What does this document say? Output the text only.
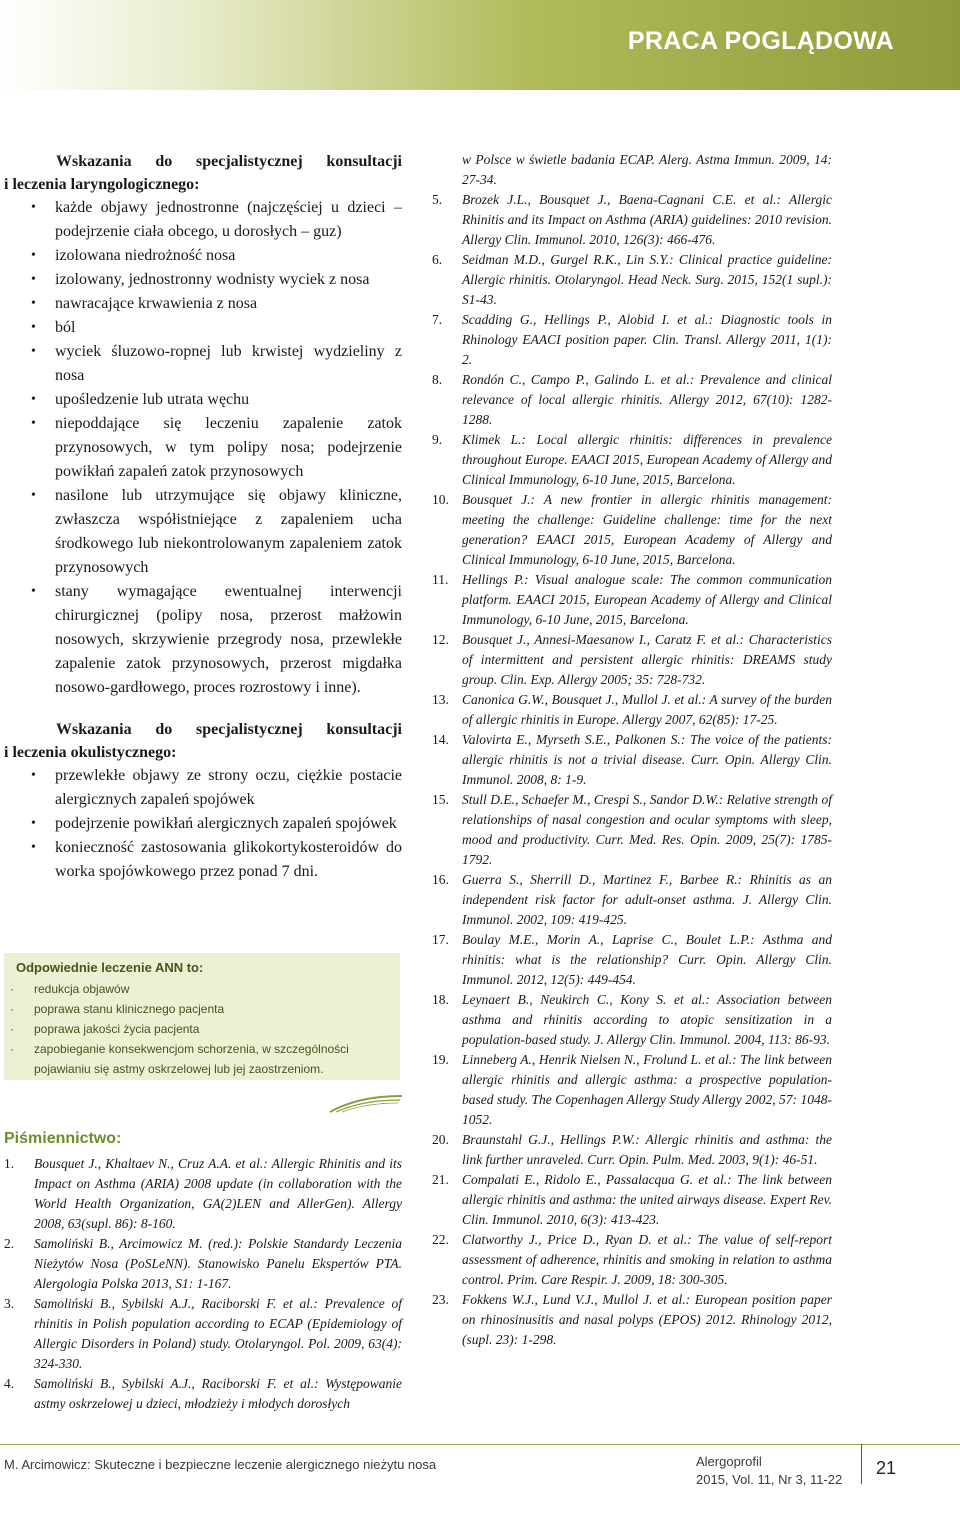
PRACA POGLĄDOWA
Wskazania do specjalistycznej konsultacji
i leczenia laryngologicznego:
• każde objawy jednostronne (najczęściej u dzieci – podejrzenie ciała obcego, u dorosłych – guz)
• izolowana niedrożność nosa
• izolowany, jednostronny wodnisty wyciek z nosa
• nawracające krwawienia z nosa
• ból
• wyciek śluzowo-ropnej lub krwistej wydzieliny z nosa
• upośledzenie lub utrata węchu
• niepoddające się leczeniu zapalenie zatok przynosowych, w tym polipy nosa; podejrzenie powikłań zapaleń zatok przynosowych
• nasilone lub utrzymujące się objawy kliniczne, zwłaszcza współistniejące z zapaleniem ucha środkowego lub niekontrolowanym zapaleniem zatok przynosowych
• stany wymagające ewentualnej interwencji chirurgicznej (polipy nosa, przerost małżowin nosowych, skrzywienie przegrody nosa, przewlekłe zapalenie zatok przynosowych, przerost migdałka nosowo-gardłowego, proces rozrostowy i inne).
Wskazania do specjalistycznej konsultacji
i leczenia okulistycznego:
• przewlekłe objawy ze strony oczu, ciężkie postacie alergicznych zapaleń spojówek
• podejrzenie powikłań alergicznych zapaleń spojówek
• konieczność zastosowania glikokortykosteroidów do worka spojówkowego przez ponad 7 dni.
Odpowiednie leczenie ANN to:
· redukcja objawów
· poprawa stanu klinicznego pacjenta
· poprawa jakości życia pacjenta
· zapobieganie konsekwencjom schorzenia, w szczególności pojawianiu się astmy oskrzelowej lub jej zaostrzeniom.
Piśmiennictwo:
1. Bousquet J., Khaltaev N., Cruz A.A. et al.: Allergic Rhinitis and its Impact on Asthma (ARIA) 2008 update (in collaboration with the World Health Organization, GA(2)LEN and AllerGen). Allergy 2008, 63(supl. 86): 8-160.
2. Samoliński B., Arcimowicz M. (red.): Polskie Standardy Leczenia Nieżytów Nosa (PoSLeNN). Stanowisko Panelu Ekspertów PTA. Alergologia Polska 2013, S1: 1-167.
3. Samoliński B., Sybilski A.J., Raciborski F. et al.: Prevalence of rhinitis in Polish population according to ECAP (Epidemiology of Allergic Disorders in Poland) study. Otolaryngol. Pol. 2009, 63(4): 324-330.
4. Samoliński B., Sybilski A.J., Raciborski F. et al.: Występowanie astmy oskrzelowej u dzieci, młodzieży i młodych dorosłych
w Polsce w świetle badania ECAP. Alerg. Astma Immun. 2009, 14: 27-34.
5. Brozek J.L., Bousquet J., Baena-Cagnani C.E. et al.: Allergic Rhinitis and its Impact on Asthma (ARIA) guidelines: 2010 revision. Allergy Clin. Immunol. 2010, 126(3): 466-476.
6. Seidman M.D., Gurgel R.K., Lin S.Y.: Clinical practice guideline: Allergic rhinitis. Otolaryngol. Head Neck. Surg. 2015, 152(1 supl.): S1-43.
7. Scadding G., Hellings P., Alobid I. et al.: Diagnostic tools in Rhinology EAACI position paper. Clin. Transl. Allergy 2011, 1(1): 2.
8. Rondón C., Campo P., Galindo L. et al.: Prevalence and clinical relevance of local allergic rhinitis. Allergy 2012, 67(10): 1282-1288.
9. Klimek L.: Local allergic rhinitis: differences in prevalence throughout Europe. EAACI 2015, European Academy of Allergy and Clinical Immunology, 6-10 June, 2015, Barcelona.
10. Bousquet J.: A new frontier in allergic rhinitis management: meeting the challenge: Guideline challenge: time for the next generation? EAACI 2015, European Academy of Allergy and Clinical Immunology, 6-10 June, 2015, Barcelona.
11. Hellings P.: Visual analogue scale: The common communication platform. EAACI 2015, European Academy of Allergy and Clinical Immunology, 6-10 June, 2015, Barcelona.
12. Bousquet J., Annesi-Maesanow I., Caratz F. et al.: Characteristics of intermittent and persistent allergic rhinitis: DREAMS study group. Clin. Exp. Allergy 2005; 35: 728-732.
13. Canonica G.W., Bousquet J., Mullol J. et al.: A survey of the burden of allergic rhinitis in Europe. Allergy 2007, 62(85): 17-25.
14. Valovirta E., Myrseth S.E., Palkonen S.: The voice of the patients: allergic rhinitis is not a trivial disease. Curr. Opin. Allergy Clin. Immunol. 2008, 8: 1-9.
15. Stull D.E., Schaefer M., Crespi S., Sandor D.W.: Relative strength of relationships of nasal congestion and ocular symptoms with sleep, mood and productivity. Curr. Med. Res. Opin. 2009, 25(7): 1785-1792.
16. Guerra S., Sherrill D., Martinez F., Barbee R.: Rhinitis as an independent risk factor for adult-onset asthma. J. Allergy Clin. Immunol. 2002, 109: 419-425.
17. Boulay M.E., Morin A., Laprise C., Boulet L.P.: Asthma and rhinitis: what is the relationship? Curr. Opin. Allergy Clin. Immunol. 2012, 12(5): 449-454.
18. Leynaert B., Neukirch C., Kony S. et al.: Association between asthma and rhinitis according to atopic sensitization in a population-based study. J. Allergy Clin. Immunol. 2004, 113: 86-93.
19. Linneberg A., Henrik Nielsen N., Frolund L. et al.: The link between allergic rhinitis and allergic asthma: a prospective population-based study. The Copenhagen Allergy Study Allergy 2002, 57: 1048-1052.
20. Braunstahl G.J., Hellings P.W.: Allergic rhinitis and asthma: the link further unraveled. Curr. Opin. Pulm. Med. 2003, 9(1): 46-51.
21. Compalati E., Ridolo E., Passalacqua G. et al.: The link between allergic rhinitis and asthma: the united airways disease. Expert Rev. Clin. Immunol. 2010, 6(3): 413-423.
22. Clatworthy J., Price D., Ryan D. et al.: The value of self-report assessment of adherence, rhinitis and smoking in relation to asthma control. Prim. Care Respir. J. 2009, 18: 300-305.
23. Fokkens W.J., Lund V.J., Mullol J. et al.: European position paper on rhinosinusitis and nasal polyps (EPOS) 2012. Rhinology 2012, (supl. 23): 1-298.
M. Arcimowicz: Skuteczne i bezpieczne leczenie alergicznego nieżytu nosa	Alergoprofil
2015, Vol. 11, Nr 3, 11-22
21
